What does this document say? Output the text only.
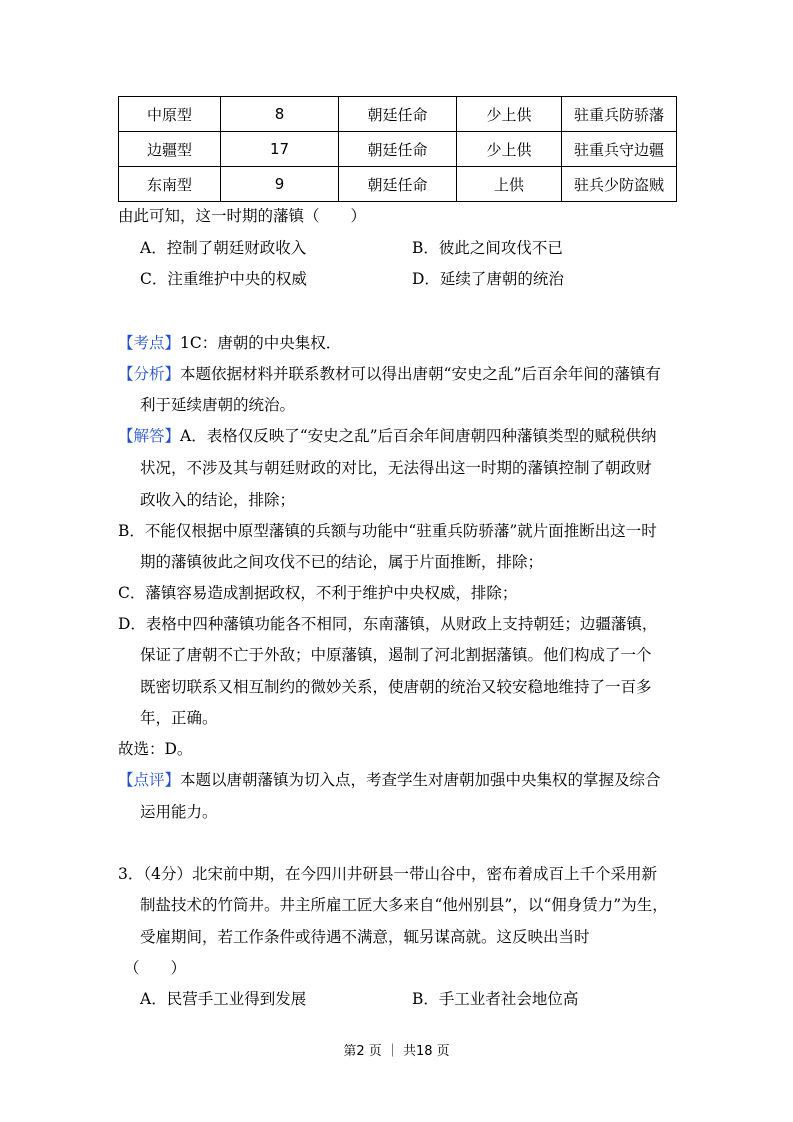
中原型	8	朝廷任命	少上供	驻重兵防骄藩
边疆型	17	朝廷任命	少上供	驻重兵守边疆
东南型	9	朝廷任命	上供	驻兵少防盗贼
由此可知，这一时期的藩镇（　　）
A．控制了朝廷财政收入	B．彼此之间攻伐不已
C．注重维护中央的权威	D．延续了唐朝的统治
【考点】1C：唐朝的中央集权．
【分析】本题依据材料并联系教材可以得出唐朝“安史之乱”后百余年间的藩镇有
利于延续唐朝的统治。
【解答】A．表格仅反映了“安史之乱”后百余年间唐朝四种藩镇类型的赋税供纳
状况，不涉及其与朝廷财政的对比，无法得出这一时期的藩镇控制了朝政财
政收入的结论，排除；
B．不能仅根据中原型藩镇的兵额与功能中“驻重兵防骄藩”就片面推断出这一时
期的藩镇彼此之间攻伐不已的结论，属于片面推断，排除；
C．藩镇容易造成割据政权，不利于维护中央权威，排除；
D．表格中四种藩镇功能各不相同，东南藩镇，从财政上支持朝廷；边疆藩镇，
保证了唐朝不亡于外敌；中原藩镇，遏制了河北割据藩镇。他们构成了一个
既密切联系又相互制约的微妙关系，使唐朝的统治又较安稳地维持了一百多
年，正确。
故选：D。
【点评】本题以唐朝藩镇为切入点，考查学生对唐朝加强中央集权的掌握及综合
运用能力。
3．（4分）北宋前中期，在今四川井研县一带山谷中，密布着成百上千个采用新
制盐技术的竹筒井。井主所雇工匠大多来自“他州别县”，以“佣身赁力”为生，
受雇期间，若工作条件或待遇不满意，辄另谋高就。这反映出当时
（　　）
A．民营手工业得到发展	B．手工业者社会地位高
第2 页 ｜ 共18 页
